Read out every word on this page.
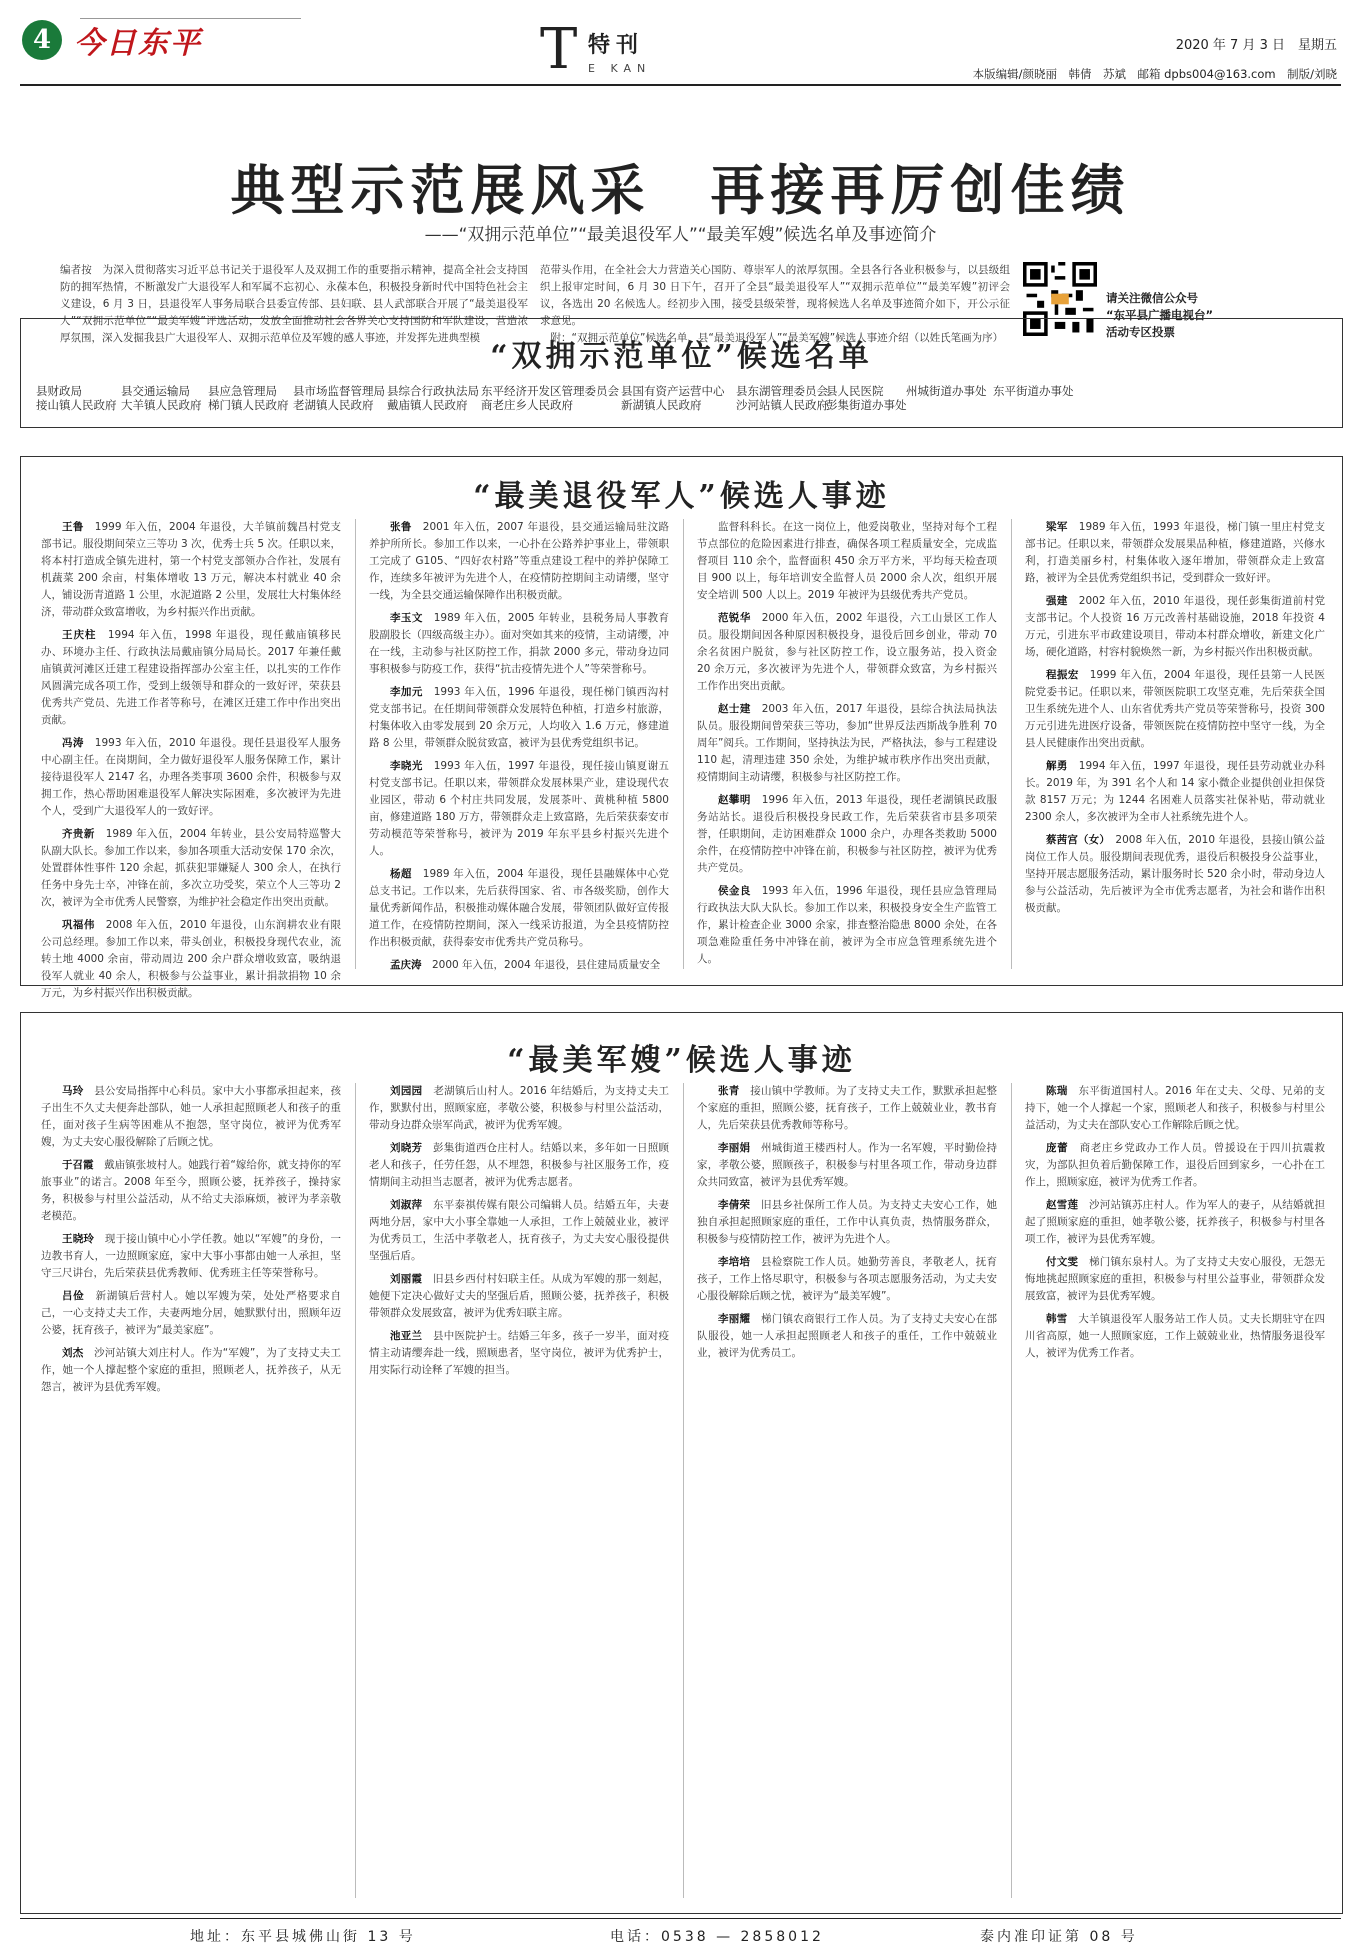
4 今日东平	T 特刊
E KAN
2020 年 7 月 3 日　星期五
本版编辑/颜晓丽　韩倩　苏斌　邮箱 dpbs004@163.com　制版/刘晓
典型示范展风采　再接再厉创佳绩
——“双拥示范单位”“最美退役军人”“最美军嫂”候选名单及事迹简介
编者按　为深入贯彻落实习近平总书记关于退役军人及双拥工作的重要指示精神，提高全社会支持国防的拥军热情，不断激发广大退役军人和军属不忘初心、永葆本色，积极投身新时代中国特色社会主义建设，6 月 3 日，县退役军人事务局联合县委宣传部、县妇联、县人武部联合开展了“最美退役军人”“双拥示范单位”“最美军嫂”评选活动，发放全面推动社会各界关心支持国防和军队建设，营造浓厚氛围，深入发掘我县广大退役军人、双拥示范单位及军嫂的感人事迹，并发挥先进典型模
范带头作用，在全社会大力营造关心国防、尊崇军人的浓厚氛围。全县各行各业积极参与，以县级组织上报审定时间，6 月 30 日下午，召开了全县“最美退役军人”“双拥示范单位”“最美军嫂”初评会议，各选出 20 名候选人。经初步入围，接受县级荣誉，现将候选人名单及事迹简介如下，开公示征求意见。
　附：“双拥示范单位”候选名单、县“最美退役军人”“最美军嫂”候选人事迹介绍（以姓氏笔画为序）
请关注微信公众号
“东平县广播电视台”
活动专区投票
“双拥示范单位”候选名单
县财政局
接山镇人民政府
县交通运输局
大羊镇人民政府
县应急管理局
梯门镇人民政府
县市场监督管理局
老湖镇人民政府
县综合行政执法局
戴庙镇人民政府
东平经济开发区管理委员会
商老庄乡人民政府
县国有资产运营中心
新湖镇人民政府
县东湖管理委员会
沙河站镇人民政府
县人民医院
彭集街道办事处
州城街道办事处 东平街道办事处
“最美退役军人”候选人事迹
王鲁　 1999 年入伍，2004 年退役，大羊镇前魏昌村党支部书记。服役期间荣立三等功 3 次，优秀士兵 5 次。任职以来，将本村打造成全镇先进村，第一个村党支部领办合作社，发展有机蔬菜 200 余亩，村集体增收 13 万元，解决本村就业 40 余人，铺设沥青道路 1 公里，水泥道路 2 公里，发展壮大村集体经济，带动群众致富增收，为乡村振兴作出贡献。
王庆柱　 1994 年入伍，1998 年退役，现任戴庙镇移民办、环境办主任、行政执法局戴庙镇分局局长。2017 年兼任戴庙镇黄河滩区迁建工程建设指挥部办公室主任，以扎实的工作作风圆满完成各项工作，受到上级领导和群众的一致好评，荣获县优秀共产党员、先进工作者等称号，在滩区迁建工作中作出突出贡献。
冯涛　 1993 年入伍，2010 年退役。现任县退役军人服务中心副主任。在岗期间，全力做好退役军人服务保障工作，累计接待退役军人 2147 名，办理各类事项 3600 余件，积极参与双拥工作，热心帮助困难退役军人解决实际困难，多次被评为先进个人，受到广大退役军人的一致好评。
齐贵新　 1989 年入伍，2004 年转业，县公安局特巡警大队副大队长。参加工作以来，参加各项重大活动安保 170 余次，处置群体性事件 120 余起，抓获犯罪嫌疑人 300 余人，在执行任务中身先士卒，冲锋在前，多次立功受奖，荣立个人三等功 2 次，被评为全市优秀人民警察，为维护社会稳定作出突出贡献。
巩福伟　 2008 年入伍，2010 年退役，山东润耕农业有限公司总经理。参加工作以来，带头创业，积极投身现代农业，流转土地 4000 余亩，带动周边 200 余户群众增收致富，吸纳退役军人就业 40 余人，积极参与公益事业，累计捐款捐物 10 余万元，为乡村振兴作出积极贡献。
张鲁　 2001 年入伍，2007 年退役，县交通运输局驻汶路养护所所长。参加工作以来，一心扑在公路养护事业上，带领职工完成了 G105、“四好农村路”等重点建设工程中的养护保障工作，连续多年被评为先进个人，在疫情防控期间主动请缨，坚守一线，为全县交通运输保障作出积极贡献。
李玉文　 1989 年入伍，2005 年转业，县税务局人事教育股副股长（四级高级主办）。面对突如其来的疫情，主动请缨，冲在一线，主动参与社区防控工作，捐款 2000 多元，带动身边同事积极参与防疫工作，获得“抗击疫情先进个人”等荣誉称号。
李加元　 1993 年入伍，1996 年退役，现任梯门镇西沟村党支部书记。在任期间带领群众发展特色种植，打造乡村旅游，村集体收入由零发展到 20 余万元，人均收入 1.6 万元，修建道路 8 公里，带领群众脱贫致富，被评为县优秀党组织书记。
李晓光　 1993 年入伍，1997 年退役，现任接山镇夏谢五村党支部书记。任职以来，带领群众发展林果产业，建设现代农业园区，带动 6 个村庄共同发展，发展茶叶、黄桃种植 5800 亩，修建道路 180 万方，带领群众走上致富路，先后荣获泰安市劳动模范等荣誉称号，被评为 2019 年东平县乡村振兴先进个人。
杨超　 1989 年入伍，2004 年退役，现任县融媒体中心党总支书记。工作以来，先后获得国家、省、市各级奖励，创作大量优秀新闻作品，积极推动媒体融合发展，带领团队做好宣传报道工作，在疫情防控期间，深入一线采访报道，为全县疫情防控作出积极贡献，获得泰安市优秀共产党员称号。
孟庆涛　 2000 年入伍，2004 年退役，县住建局质量安全
监督科科长。在这一岗位上，他爱岗敬业，坚持对每个工程节点部位的危险因素进行排查，确保各项工程质量安全，完成监督项目 110 余个，监督面积 450 余万平方米，平均每天检查项目 900 以上，每年培训安全监督人员 2000 余人次，组织开展安全培训 500 人以上。2019 年被评为县级优秀共产党员。
范锐华　 2000 年入伍，2002 年退役，六工山景区工作人员。服役期间因各种原因积极投身，退役后回乡创业，带动 70 余名贫困户脱贫，参与社区防控工作，设立服务站，投入资金 20 余万元，多次被评为先进个人，带领群众致富，为乡村振兴工作作出突出贡献。
赵士建　 2003 年入伍，2017 年退役，县综合执法局执法队员。服役期间曾荣获三等功，参加“世界反法西斯战争胜利 70 周年”阅兵。工作期间，坚持执法为民，严格执法，参与工程建设 110 起，清理违建 350 余处，为维护城市秩序作出突出贡献，疫情期间主动请缨，积极参与社区防控工作。
赵攀明　 1996 年入伍，2013 年退役，现任老湖镇民政服务站站长。退役后积极投身民政工作，先后荣获省市县多项荣誉，任职期间，走访困难群众 1000 余户，办理各类救助 5000 余件，在疫情防控中冲锋在前，积极参与社区防控，被评为优秀共产党员。
侯金良　 1993 年入伍，1996 年退役，现任县应急管理局行政执法大队大队长。参加工作以来，积极投身安全生产监管工作，累计检查企业 3000 余家，排查整治隐患 8000 余处，在各项急难险重任务中冲锋在前，被评为全市应急管理系统先进个人。
梁军　 1989 年入伍，1993 年退役，梯门镇一里庄村党支部书记。任职以来，带领群众发展果品种植，修建道路，兴修水利，打造美丽乡村，村集体收入逐年增加，带领群众走上致富路，被评为全县优秀党组织书记，受到群众一致好评。
强建　 2002 年入伍，2010 年退役，现任彭集街道前村党支部书记。个人投资 16 万元改善村基础设施，2018 年投资 4 万元，引进东平市政建设项目，带动本村群众增收，新建文化广场，硬化道路，村容村貌焕然一新，为乡村振兴作出积极贡献。
程振宏　 1999 年入伍，2004 年退役，现任县第一人民医院党委书记。任职以来，带领医院职工攻坚克难，先后荣获全国卫生系统先进个人、山东省优秀共产党员等荣誉称号，投资 300 万元引进先进医疗设备，带领医院在疫情防控中坚守一线，为全县人民健康作出突出贡献。
解勇　 1994 年入伍，1997 年退役，现任县劳动就业办科长。2019 年，为 391 名个人和 14 家小微企业提供创业担保贷款 8157 万元；为 1244 名困难人员落实社保补贴，带动就业 2300 余人，多次被评为全市人社系统先进个人。
蔡茜宫（女）　 2008 年入伍，2010 年退役，县接山镇公益岗位工作人员。服役期间表现优秀，退役后积极投身公益事业，坚持开展志愿服务活动，累计服务时长 520 余小时，带动身边人参与公益活动，先后被评为全市优秀志愿者，为社会和谐作出积极贡献。
“最美军嫂”候选人事迹
马玲　 县公安局指挥中心科员。家中大小事都承担起来，孩子出生不久丈夫便奔赴部队，她一人承担起照顾老人和孩子的重任，面对孩子生病等困难从不抱怨，坚守岗位，被评为优秀军嫂，为丈夫安心服役解除了后顾之忧。
于召霞　 戴庙镇张坡村人。她践行着“嫁给你，就支持你的军旅事业”的诺言。2008 年至今，照顾公婆，抚养孩子，操持家务，积极参与村里公益活动，从不给丈夫添麻烦，被评为孝亲敬老模范。
王晓玲　 现于接山镇中心小学任教。她以“军嫂”的身份，一边教书育人，一边照顾家庭，家中大事小事都由她一人承担，坚守三尺讲台，先后荣获县优秀教师、优秀班主任等荣誉称号。
吕俭　 新湖镇后营村人。她以军嫂为荣，处处严格要求自己，一心支持丈夫工作，夫妻两地分居，她默默付出，照顾年迈公婆，抚育孩子，被评为“最美家庭”。
刘杰　 沙河站镇大刘庄村人。作为“军嫂”，为了支持丈夫工作，她一个人撑起整个家庭的重担，照顾老人，抚养孩子，从无怨言，被评为县优秀军嫂。
刘园园　 老湖镇后山村人。2016 年结婚后，为支持丈夫工作，默默付出，照顾家庭，孝敬公婆，积极参与村里公益活动，带动身边群众崇军尚武，被评为优秀军嫂。
刘晓芳　 彭集街道西仓庄村人。结婚以来，多年如一日照顾老人和孩子，任劳任怨，从不埋怨，积极参与社区服务工作，疫情期间主动担当志愿者，被评为优秀志愿者。
刘淑萍　 东平泰祺传媒有限公司编辑人员。结婚五年，夫妻两地分居，家中大小事全靠她一人承担，工作上兢兢业业，被评为优秀员工，生活中孝敬老人，抚育孩子，为丈夫安心服役提供坚强后盾。
刘丽霞　 旧县乡西付村妇联主任。从成为军嫂的那一刻起，她便下定决心做好丈夫的坚强后盾，照顾公婆，抚养孩子，积极带领群众发展致富，被评为优秀妇联主席。
池亚兰　 县中医院护士。结婚三年多，孩子一岁半，面对疫情主动请缨奔赴一线，照顾患者，坚守岗位，被评为优秀护士，用实际行动诠释了军嫂的担当。
张青　 接山镇中学教师。为了支持丈夫工作，默默承担起整个家庭的重担，照顾公婆，抚育孩子，工作上兢兢业业，教书育人，先后荣获县优秀教师等称号。
李丽娟　 州城街道王楼西村人。作为一名军嫂，平时勤俭持家，孝敬公婆，照顾孩子，积极参与村里各项工作，带动身边群众共同致富，被评为县优秀军嫂。
李倩荣　 旧县乡社保所工作人员。为支持丈夫安心工作，她独自承担起照顾家庭的重任，工作中认真负责，热情服务群众，积极参与疫情防控工作，被评为先进个人。
李培培　 县检察院工作人员。她勤劳善良，孝敬老人，抚育孩子，工作上恪尽职守，积极参与各项志愿服务活动，为丈夫安心服役解除后顾之忧，被评为“最美军嫂”。
李丽耀　 梯门镇农商银行工作人员。为了支持丈夫安心在部队服役，她一人承担起照顾老人和孩子的重任，工作中兢兢业业，被评为优秀员工。
陈瑞　 东平街道国村人。2016 年在丈夫、父母、兄弟的支持下，她一个人撑起一个家，照顾老人和孩子，积极参与村里公益活动，为丈夫在部队安心工作解除后顾之忧。
庞蕾　 商老庄乡党政办工作人员。曾援设在于四川抗震救灾，为部队担负着后勤保障工作，退役后回到家乡，一心扑在工作上，照顾家庭，被评为优秀工作者。
赵雪莲　 沙河站镇苏庄村人。作为军人的妻子，从结婚就担起了照顾家庭的重担，她孝敬公婆，抚养孩子，积极参与村里各项工作，被评为县优秀军嫂。
付文雯　 梯门镇东泉村人。为了支持丈夫安心服役，无怨无悔地挑起照顾家庭的重担，积极参与村里公益事业，带领群众发展致富，被评为县优秀军嫂。
韩雪　 大羊镇退役军人服务站工作人员。丈夫长期驻守在四川省高原，她一人照顾家庭，工作上兢兢业业，热情服务退役军人，被评为优秀工作者。
地址：东平县城佛山街 13 号	电话：0538 — 2858012	泰内准印证第 08 号
